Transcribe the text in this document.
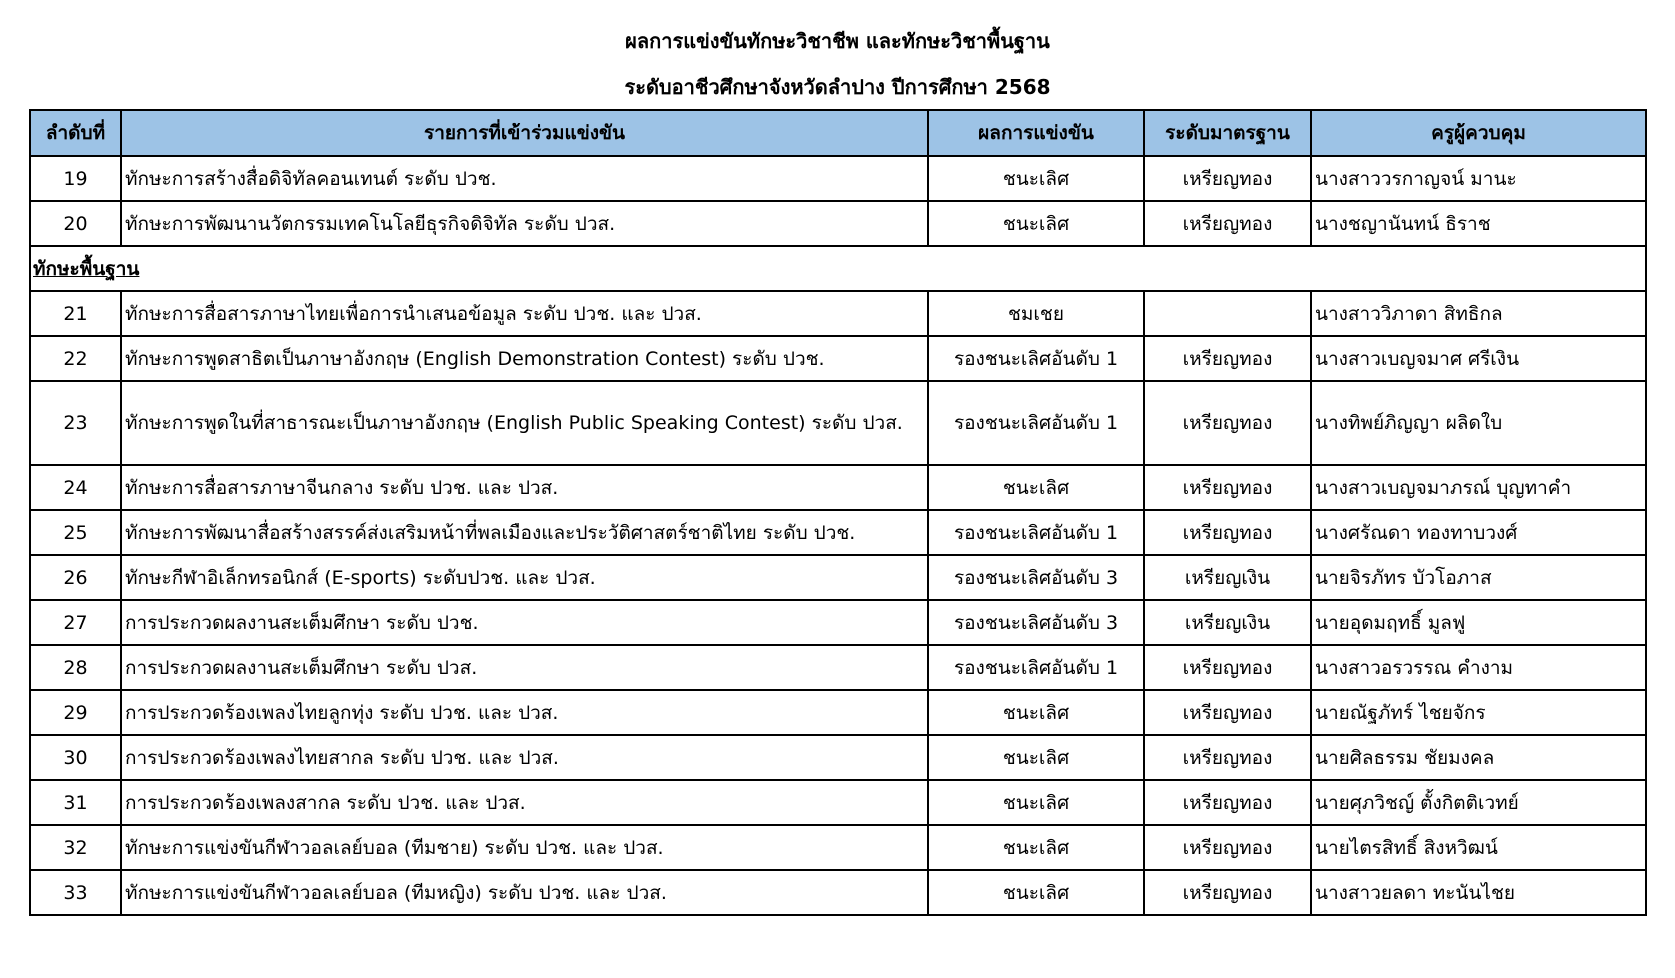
ผลการแข่งขันทักษะวิชาชีพ และทักษะวิชาพื้นฐาน
ระดับอาชีวศึกษาจังหวัดลำปาง ปีการศึกษา 2568
ลำดับที่	รายการที่เข้าร่วมแข่งขัน	ผลการแข่งขัน	ระดับมาตรฐาน	ครูผู้ควบคุม
19	ทักษะการสร้างสื่อดิจิทัลคอนเทนต์ ระดับ ปวช.	ชนะเลิศ	เหรียญทอง	นางสาววรกาญจน์ มานะ
20	ทักษะการพัฒนานวัตกรรมเทคโนโลยีธุรกิจดิจิทัล ระดับ ปวส.	ชนะเลิศ	เหรียญทอง	นางชญานันทน์ ธิราช
ทักษะพื้นฐาน				
21	ทักษะการสื่อสารภาษาไทยเพื่อการนำเสนอข้อมูล ระดับ ปวช. และ ปวส.	ชมเชย		นางสาววิภาดา สิทธิกล
22	ทักษะการพูดสาธิตเป็นภาษาอังกฤษ (English Demonstration Contest) ระดับ ปวช.	รองชนะเลิศอันดับ 1	เหรียญทอง	นางสาวเบญจมาศ ศรีเงิน
23	ทักษะการพูดในที่สาธารณะเป็นภาษาอังกฤษ (English Public Speaking Contest) ระดับ ปวส.	รองชนะเลิศอันดับ 1	เหรียญทอง	นางทิพย์ภิญญา ผลิดใบ
24	ทักษะการสื่อสารภาษาจีนกลาง ระดับ ปวช. และ ปวส.	ชนะเลิศ	เหรียญทอง	นางสาวเบญจมาภรณ์ บุญทาคำ
25	ทักษะการพัฒนาสื่อสร้างสรรค์ส่งเสริมหน้าที่พลเมืองและประวัติศาสตร์ชาติไทย ระดับ ปวช.	รองชนะเลิศอันดับ 1	เหรียญทอง	นางศรัณดา ทองทาบวงศ์
26	ทักษะกีฬาอิเล็กทรอนิกส์ (E-sports) ระดับปวช. และ ปวส.	รองชนะเลิศอันดับ 3	เหรียญเงิน	นายจิรภัทร บัวโอภาส
27	การประกวดผลงานสะเต็มศึกษา ระดับ ปวช.	รองชนะเลิศอันดับ 3	เหรียญเงิน	นายอุดมฤทธิ์ มูลฟู
28	การประกวดผลงานสะเต็มศึกษา ระดับ ปวส.	รองชนะเลิศอันดับ 1	เหรียญทอง	นางสาวอรวรรณ คำงาม
29	การประกวดร้องเพลงไทยลูกทุ่ง ระดับ ปวช. และ ปวส.	ชนะเลิศ	เหรียญทอง	นายณัฐภัทร์ ไชยจักร
30	การประกวดร้องเพลงไทยสากล ระดับ ปวช. และ ปวส.	ชนะเลิศ	เหรียญทอง	นายศิลธรรม ชัยมงคล
31	การประกวดร้องเพลงสากล ระดับ ปวช. และ ปวส.	ชนะเลิศ	เหรียญทอง	นายศุภวิชญ์ ตั้งกิตติเวทย์
32	ทักษะการแข่งขันกีฬาวอลเลย์บอล (ทีมชาย) ระดับ ปวช. และ ปวส.	ชนะเลิศ	เหรียญทอง	นายไตรสิทธิ์ สิงหวิฒน์
33	ทักษะการแข่งขันกีฬาวอลเลย์บอล (ทีมหญิง) ระดับ ปวช. และ ปวส.	ชนะเลิศ	เหรียญทอง	นางสาวยลดา ทะนันไชย
